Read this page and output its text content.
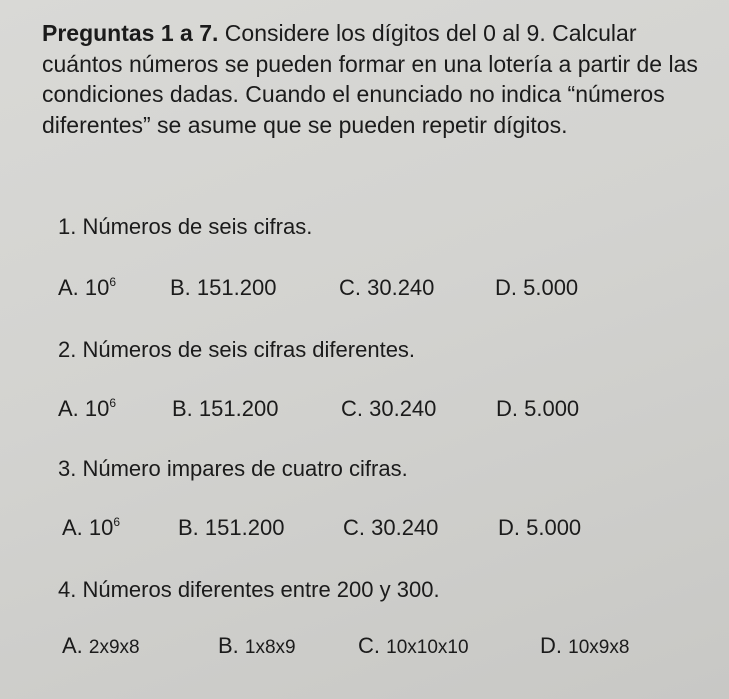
Preguntas 1 a 7. Considere los dígitos del 0 al 9. Calcular cuántos números se pueden formar en una lotería a partir de las condiciones dadas. Cuando el enunciado no indica “números diferentes” se asume que se pueden repetir dígitos.

1. Números de seis cifras.

A. $10^6$ B. 151.200	C. 30.240	D. 5.000

2. Números de seis cifras diferentes.

A. $10^6$	B. 151.200	C. 30.240	D. 5.000

3. Número impares de cuatro cifras.

A. $10^6$	B. 151.200	C. 30.240	D. 5.000

4. Números diferentes entre 200 y 300.

A. 2x9x8	B. 1x8x9	C. 10x10x10	D. 10x9x8
